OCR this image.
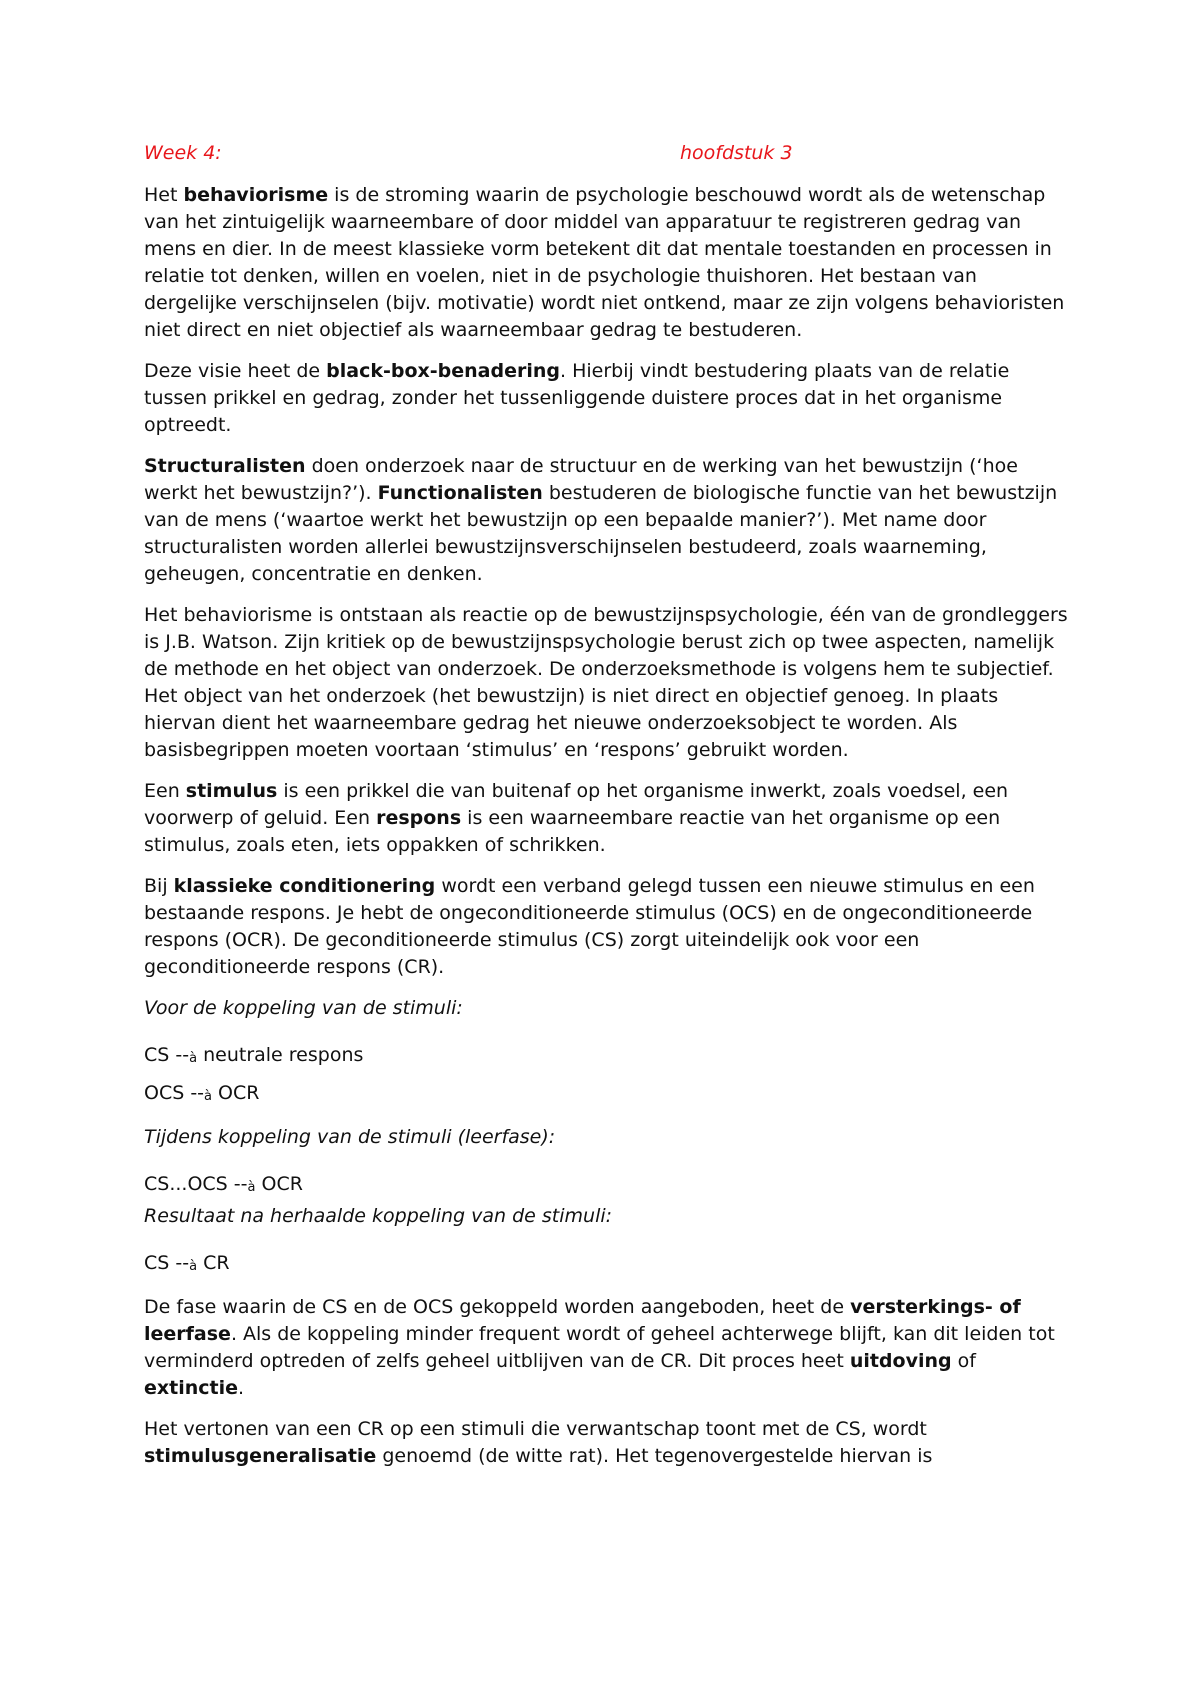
Week 4:	hoofdstuk 3

Het behaviorisme is de stroming waarin de psychologie beschouwd wordt als de wetenschap van het zintuigelijk waarneembare of door middel van apparatuur te registreren gedrag van mens en dier. In de meest klassieke vorm betekent dit dat mentale toestanden en processen in relatie tot denken, willen en voelen, niet in de psychologie thuishoren. Het bestaan van dergelijke verschijnselen (bijv. motivatie) wordt niet ontkend, maar ze zijn volgens behavioristen niet direct en niet objectief als waarneembaar gedrag te bestuderen.

Deze visie heet de black-box-benadering. Hierbij vindt bestudering plaats van de relatie tussen prikkel en gedrag, zonder het tussenliggende duistere proces dat in het organisme optreedt.

Structuralisten doen onderzoek naar de structuur en de werking van het bewustzijn (‘hoe werkt het bewustzijn?’). Functionalisten bestuderen de biologische functie van het bewustzijn van de mens (‘waartoe werkt het bewustzijn op een bepaalde manier?’). Met name door structuralisten worden allerlei bewustzijnsverschijnselen bestudeerd, zoals waarneming, geheugen, concentratie en denken.

Het behaviorisme is ontstaan als reactie op de bewustzijnspsychologie, één van de grondleggers is J.B. Watson. Zijn kritiek op de bewustzijnspsychologie berust zich op twee aspecten, namelijk de methode en het object van onderzoek. De onderzoeksmethode is volgens hem te subjectief. Het object van het onderzoek (het bewustzijn) is niet direct en objectief genoeg. In plaats hiervan dient het waarneembare gedrag het nieuwe onderzoeksobject te worden. Als basisbegrippen moeten voortaan ‘stimulus’ en ‘respons’ gebruikt worden.

Een stimulus is een prikkel die van buitenaf op het organisme inwerkt, zoals voedsel, een voorwerp of geluid. Een respons is een waarneembare reactie van het organisme op een stimulus, zoals eten, iets oppakken of schrikken.

Bij klassieke conditionering wordt een verband gelegd tussen een nieuwe stimulus en een bestaande respons. Je hebt de ongeconditioneerde stimulus (OCS) en de ongeconditioneerde respons (OCR). De geconditioneerde stimulus (CS) zorgt uiteindelijk ook voor een geconditioneerde respons (CR).

Voor de koppeling van de stimuli:

CS --à neutrale respons

OCS --à OCR

Tijdens koppeling van de stimuli (leerfase):

CS...OCS --à OCR

Resultaat na herhaalde koppeling van de stimuli:

CS --à CR

De fase waarin de CS en de OCS gekoppeld worden aangeboden, heet de versterkings- of leerfase. Als de koppeling minder frequent wordt of geheel achterwege blijft, kan dit leiden tot verminderd optreden of zelfs geheel uitblijven van de CR. Dit proces heet uitdoving of extinctie.

Het vertonen van een CR op een stimuli die verwantschap toont met de CS, wordt stimulusgeneralisatie genoemd (de witte rat). Het tegenovergestelde hiervan is
